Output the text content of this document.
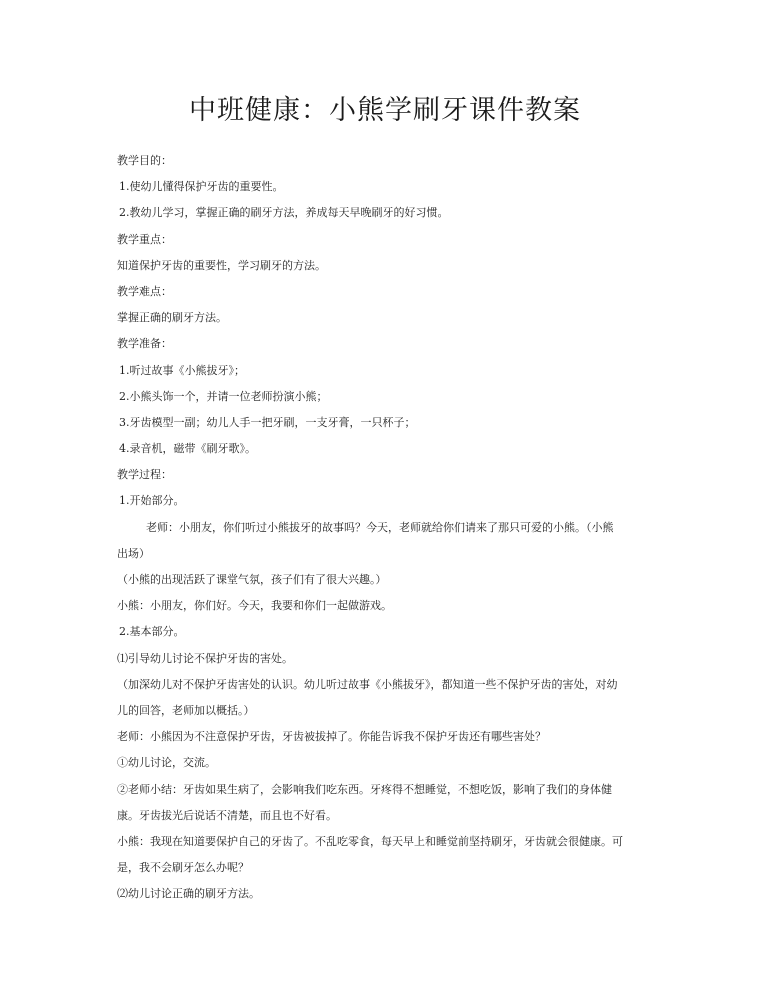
中班健康：小熊学刷牙课件教案
教学目的：
1.使幼儿懂得保护牙齿的重要性。
2.教幼儿学习，掌握正确的刷牙方法，养成每天早晚刷牙的好习惯。
教学重点：
知道保护牙齿的重要性，学习刷牙的方法。
教学难点：
掌握正确的刷牙方法。
教学准备：
1.听过故事《小熊拔牙》；
2.小熊头饰一个，并请一位老师扮演小熊；
3.牙齿模型一副；幼儿人手一把牙刷，一支牙膏，一只杯子；
4.录音机，磁带《刷牙歌》。
教学过程：
1.开始部分。
老师：小朋友，你们听过小熊拔牙的故事吗？今天，老师就给你们请来了那只可爱的小熊。（小熊
出场）
（小熊的出现活跃了课堂气氛，孩子们有了很大兴趣。）
小熊：小朋友，你们好。今天，我要和你们一起做游戏。
2.基本部分。
⑴引导幼儿讨论不保护牙齿的害处。
（加深幼儿对不保护牙齿害处的认识。幼儿听过故事《小熊拔牙》，都知道一些不保护牙齿的害处，对幼
儿的回答，老师加以概括。）
老师：小熊因为不注意保护牙齿，牙齿被拔掉了。你能告诉我不保护牙齿还有哪些害处？
①幼儿讨论，交流。
②老师小结：牙齿如果生病了，会影响我们吃东西。牙疼得不想睡觉，不想吃饭，影响了我们的身体健
康。牙齿拔光后说话不清楚，而且也不好看。
小熊：我现在知道要保护自己的牙齿了。不乱吃零食，每天早上和睡觉前坚持刷牙，牙齿就会很健康。可
是，我不会刷牙怎么办呢？
⑵幼儿讨论正确的刷牙方法。
